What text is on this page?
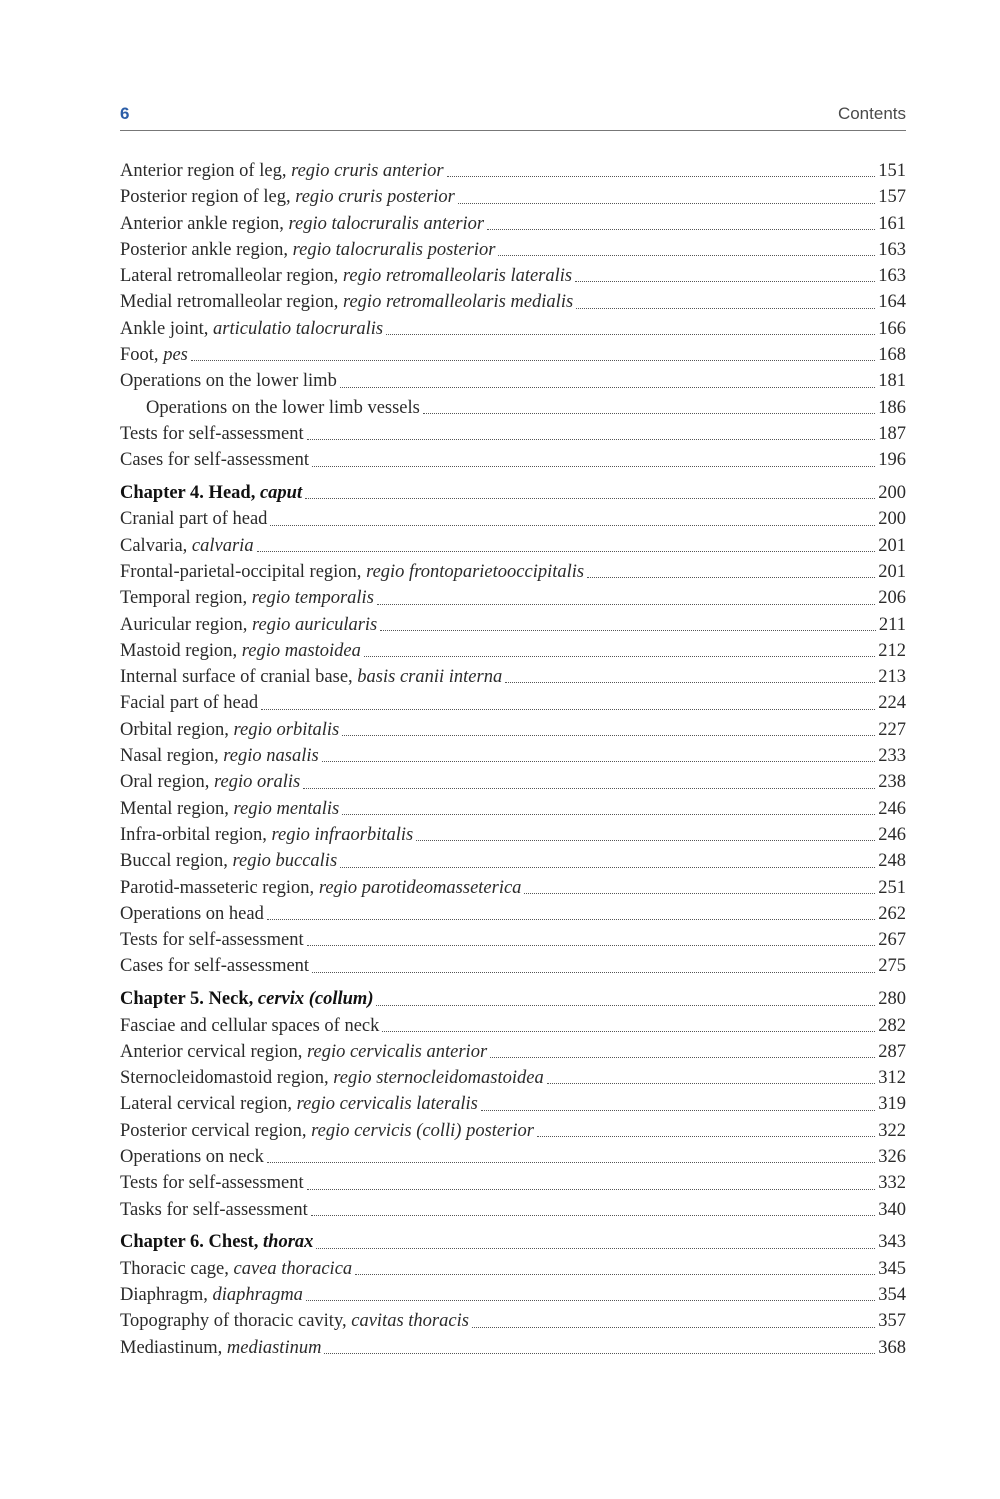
6	Contents
Anterior region of leg, regio cruris anterior	151
Posterior region of leg, regio cruris posterior	157
Anterior ankle region, regio talocruralis anterior	161
Posterior ankle region, regio talocruralis posterior	163
Lateral retromalleolar region, regio retromalleolaris lateralis	163
Medial retromalleolar region, regio retromalleolaris medialis	164
Ankle joint, articulatio talocruralis	166
Foot, pes	168
Operations on the lower limb	181
Operations on the lower limb vessels	186
Tests for self-assessment	187
Cases for self-assessment	196
Chapter 4. Head, caput	200
Cranial part of head	200
Calvaria, calvaria	201
Frontal-parietal-occipital region, regio frontoparietooccipitalis	201
Temporal region, regio temporalis	206
Auricular region, regio auricularis	211
Mastoid region, regio mastoidea	212
Internal surface of cranial base, basis cranii interna	213
Facial part of head	224
Orbital region, regio orbitalis	227
Nasal region, regio nasalis	233
Oral region, regio oralis	238
Mental region, regio mentalis	246
Infra-orbital region, regio infraorbitalis	246
Buccal region, regio buccalis	248
Parotid-masseteric region, regio parotideomasseterica	251
Operations on head	262
Tests for self-assessment	267
Cases for self-assessment	275
Chapter 5. Neck, cervix (collum)	280
Fasciae and cellular spaces of neck	282
Anterior cervical region, regio cervicalis anterior	287
Sternocleidomastoid region, regio sternocleidomastoidea	312
Lateral cervical region, regio cervicalis lateralis	319
Posterior cervical region, regio cervicis (colli) posterior	322
Operations on neck	326
Tests for self-assessment	332
Tasks for self-assessment	340
Chapter 6. Chest, thorax	343
Thoracic cage, cavea thoracica	345
Diaphragm, diaphragma	354
Topography of thoracic cavity, cavitas thoracis	357
Mediastinum, mediastinum	368
